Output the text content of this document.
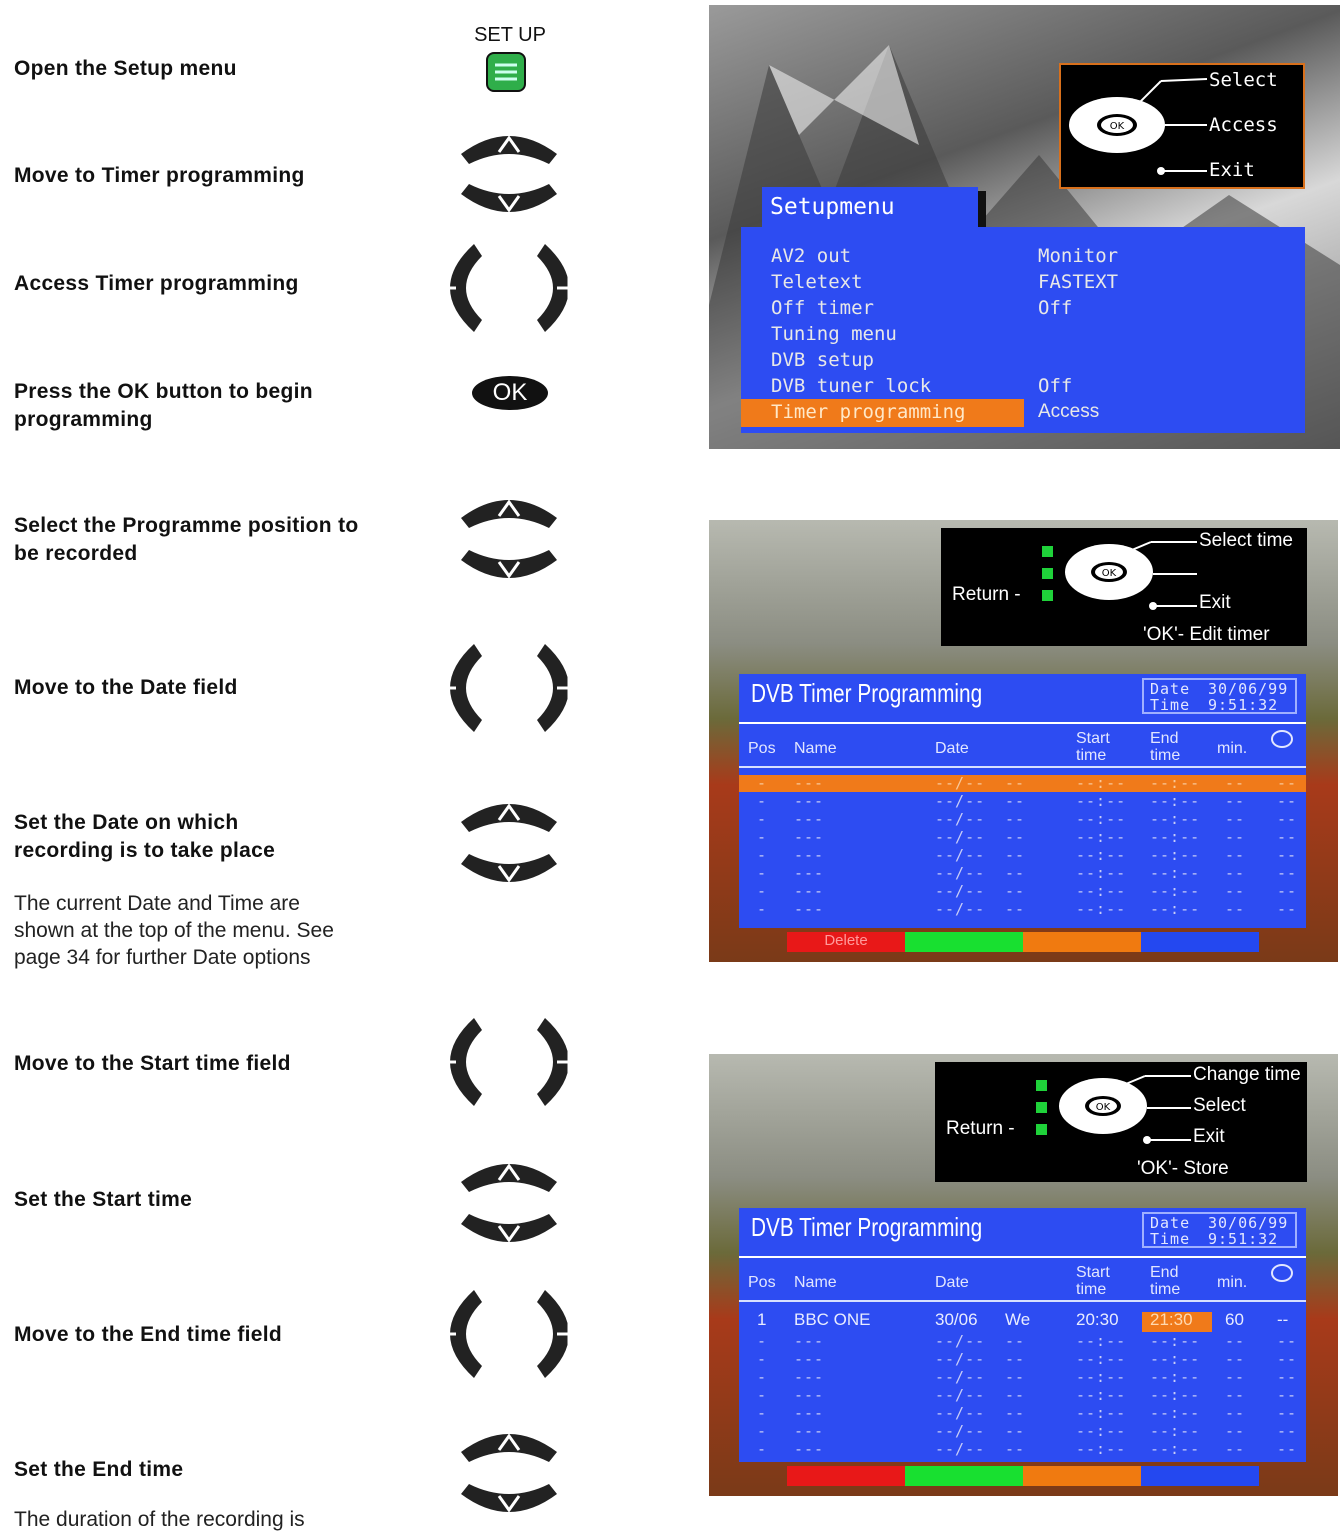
Open the Setup menu
Move to Timer programming
Access Timer programming
Press the OK button to begin programming
Select the Programme position to be recorded
Move to the Date field
Set the Date on which recording is to take place
The current Date and Time are shown at the top of the menu. See page 34 for further Date options
Move to the Start time field
Set the Start time
Move to the End time field
Set the End time
The duration of the recording is
SET UP
OK
OK
Select
Access
Exit
Setupmenu
AV2 out	Monitor
Teletext	FASTEXT
Off timer	Off
Tuning menu
DVB setup
DVB tuner lock	Off
Timer programming	Access
OK
Select time
Exit
Return -
'OK'- Edit timer
DVB Timer Programming	Date 30/06/99
Time 9:51:32
Pos Name	Date
Start time
End time	min.
- ---	--/-- --	--:-- --:-- -- --
- ---	--/-- --	--:-- --:-- -- --
- ---	--/-- --	--:-- --:-- -- --
- ---	--/-- --	--:-- --:-- -- --
- ---	--/-- --	--:-- --:-- -- --
- ---	--/-- --	--:-- --:-- -- --
- ---	--/-- --	--:-- --:-- -- --
- ---	--/-- --	--:-- --:-- -- --
Delete
OK
Change time
Select
Exit
Return -
'OK'- Store
DVB Timer Programming	Date 30/06/99
Time 9:51:32
Pos Name	Date
Start time
End time	min.
1 BBC ONE	30/06 We	20:30 21:30 60 --
- ---	--/-- --	--:-- --:-- -- --
- ---	--/-- --	--:-- --:-- -- --
- ---	--/-- --	--:-- --:-- -- --
- ---	--/-- --	--:-- --:-- -- --
- ---	--/-- --	--:-- --:-- -- --
- ---	--/-- --	--:-- --:-- -- --
- ---	--/-- --	--:-- --:-- -- --
